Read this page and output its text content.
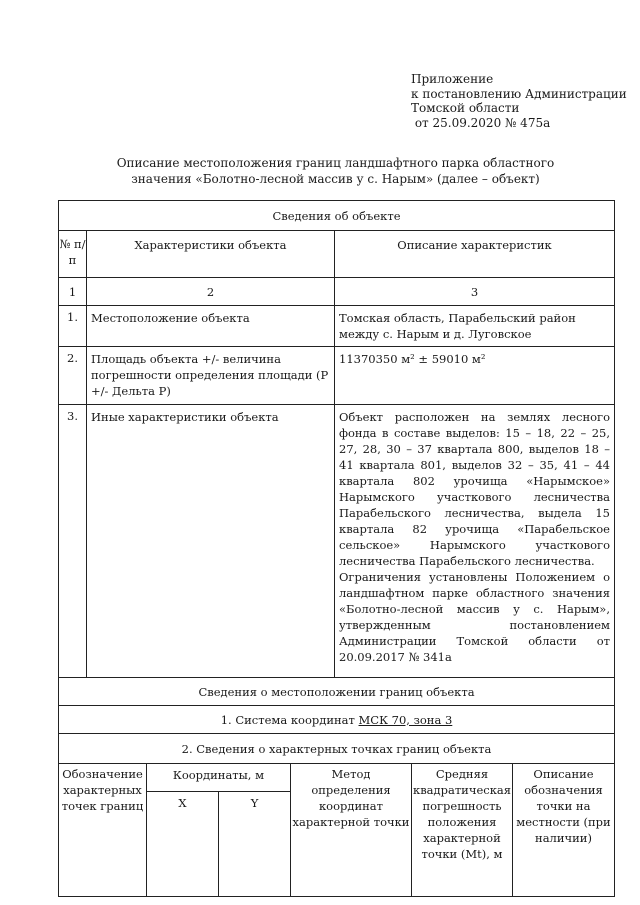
Приложение
к постановлению Администрации
Томской области
от 25.09.2020 № 475а
Описание местоположения границ ландшафтного парка областного
значения «Болотно-лесной массив у с. Нарым» (далее – объект)
Сведения об объекте		
№ п/п	Характеристики объекта	Описание характеристик
1	2	3
1.	Местоположение объекта	Томская область, Парабельский район между с. Нарым и д. Луговское
2.	Площадь объекта +/- величина погрешности определения площади (Р +/- Дельта Р)	11370350 м² ± 59010 м²
3.	Иные характеристики объекта	Объект расположен на землях лесного фонда в составе выделов: 15 – 18, 22 – 25, 27, 28, 30 – 37 квартала 800, выделов 18 – 41 квартала 801, выделов 32 – 35, 41 – 44 квартала 802 урочища «Нарымское» Нарымского участкового лесничества Парабельского лесничества, выдела 15 квартала 82 урочища «Парабельское сельское» Нарымского участкового лесничества Парабельского лесничества.
Ограничения установлены Положением о ландшафтном парке областного значения «Болотно-лесной массив у с. Нарым», утвержденным постановлением Администрации Томской области от 20.09.2017 № 341а

Сведения о местоположении границ объекта		
1. Система координат МСК 70, зона 3		
2. Сведения о характерных точках границ объекта		
Обозначение характерных точек границ	Координаты, м		Метод определения координат характерной точки	Средняя квадратическая погрешность положения характерной точки (Mt), м	Описание обозначения точки на местности (при наличии)
	X	Y			
